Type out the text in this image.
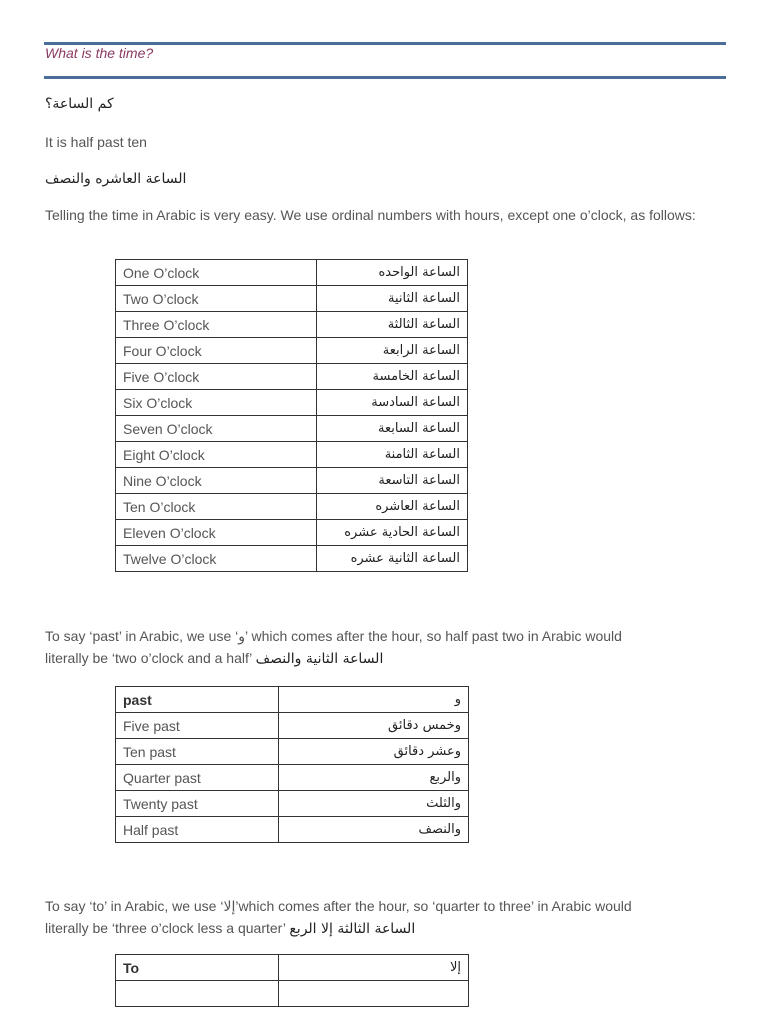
What is the time?
كم الساعة؟
It is half past ten
الساعة العاشره والنصف
Telling the time in Arabic is very easy. We use ordinal numbers with hours, except one o’clock, as follows:
One O’clock	الساعة الواحده
Two O’clock	الساعة الثانية
Three O’clock	الساعة الثالثة
Four O’clock	الساعة الرابعة
Five O’clock	الساعة الخامسة
Six O’clock	الساعة السادسة
Seven O’clock	الساعة السابعة
Eight O’clock	الساعة الثامنة
Nine O’clock	الساعة التاسعة
Ten O’clock	الساعة العاشره
Eleven O’clock	الساعة الحادية عشره
Twelve O’clock	الساعة الثانية عشره
To say ‘past’ in Arabic, we use ‘و’ which comes after the hour, so half past two in Arabic would
literally be ‘two o’clock and a half’ الساعة الثانية والنصف
past	و
Five past	وخمس دقائق
Ten past	وعشر دقائق
Quarter past	والربع
Twenty past	والثلث
Half past	والنصف
To say ‘to’ in Arabic, we use ‘إلا’which comes after the hour, so ‘quarter to three’ in Arabic would
literally be ‘three o’clock less a quarter’ الساعة الثالثة إلا الربع
To	إلا
